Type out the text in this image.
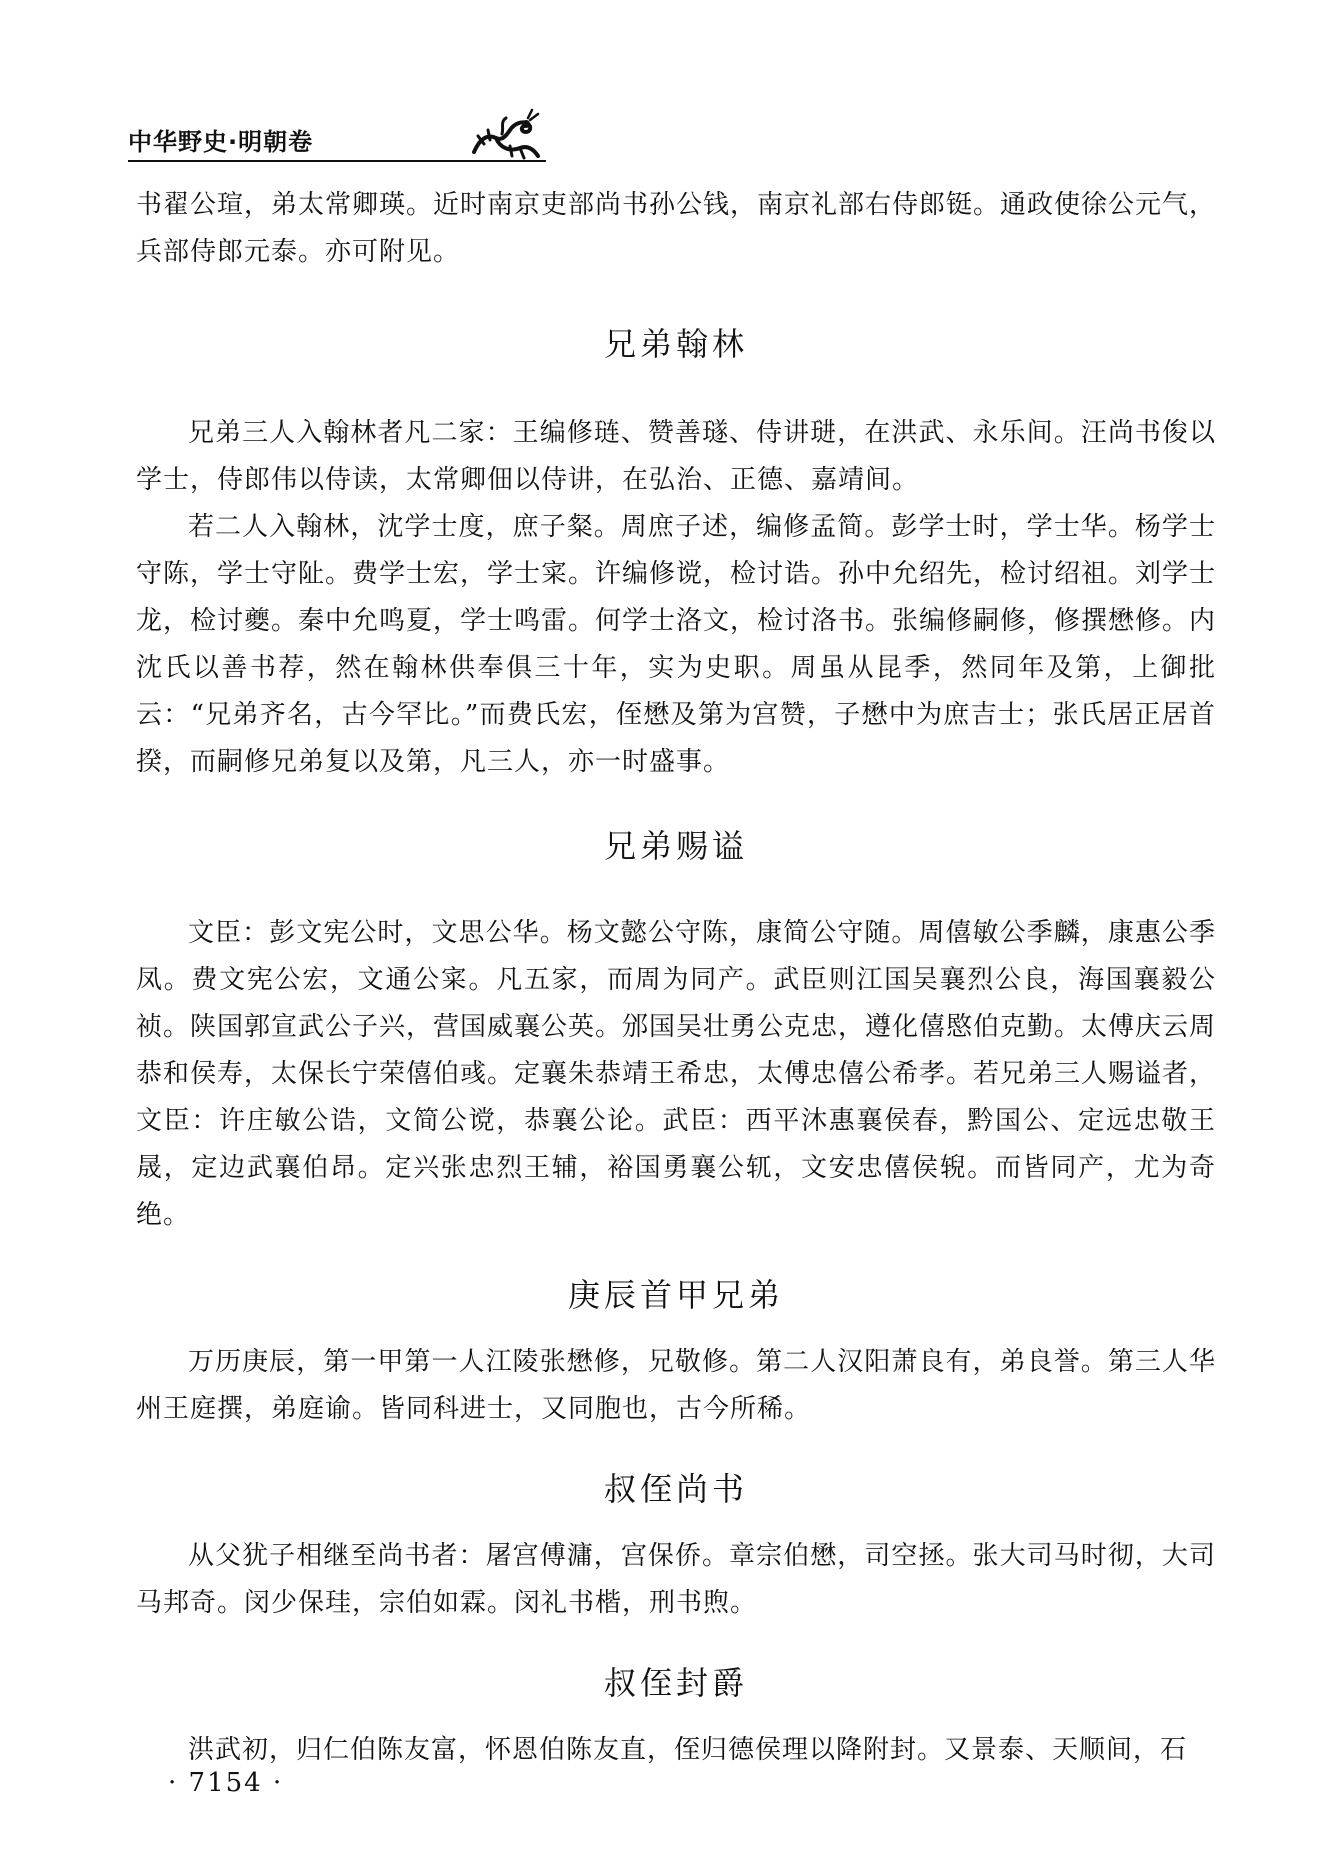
中华野史·明朝卷

书翟公瑄，弟太常卿瑛。近时南京吏部尚书孙公钱，南京礼部右侍郎铤。通政使徐公元气，兵部侍郎元泰。亦可附见。

兄弟翰林

兄弟三人入翰林者凡二家：王编修琏、赞善璲、侍讲琎，在洪武、永乐间。汪尚书俊以学士，侍郎伟以侍读，太常卿佃以侍讲，在弘治、正德、嘉靖间。

若二人入翰林，沈学士度，庶子粲。周庶子述，编修孟简。彭学士时，学士华。杨学士守陈，学士守阯。费学士宏，学士寀。许编修谠，检讨诰。孙中允绍先，检讨绍祖。刘学士龙，检讨夔。秦中允鸣夏，学士鸣雷。何学士洛文，检讨洛书。张编修嗣修，修撰懋修。内沈氏以善书荐，然在翰林供奉俱三十年，实为史职。周虽从昆季，然同年及第，上御批云：“兄弟齐名，古今罕比。”而费氏宏，侄懋及第为宫赞，子懋中为庶吉士；张氏居正居首揆，而嗣修兄弟复以及第，凡三人，亦一时盛事。

兄弟赐谥

文臣：彭文宪公时，文思公华。杨文懿公守陈，康简公守随。周僖敏公季麟，康惠公季凤。费文宪公宏，文通公寀。凡五家，而周为同产。武臣则江国吴襄烈公良，海国襄毅公祯。陕国郭宣武公子兴，营国威襄公英。邠国吴壮勇公克忠，遵化僖愍伯克勤。太傅庆云周恭和侯寿，太保长宁荣僖伯彧。定襄朱恭靖王希忠，太傅忠僖公希孝。若兄弟三人赐谥者，文臣：许庄敏公诰，文简公谠，恭襄公论。武臣：西平沐惠襄侯春，黔国公、定远忠敬王晟，定边武襄伯昂。定兴张忠烈王辅，裕国勇襄公𫐄，文安忠僖侯𫐐。而皆同产，尤为奇绝。

庚辰首甲兄弟

万历庚辰，第一甲第一人江陵张懋修，兄敬修。第二人汉阳萧良有，弟良誉。第三人华州王庭撰，弟庭谕。皆同科进士，又同胞也，古今所稀。

叔侄尚书

从父犹子相继至尚书者：屠宫傅滽，宫保侨。章宗伯懋，司空拯。张大司马时彻，大司马邦奇。闵少保珪，宗伯如霖。闵礼书楷，刑书煦。

叔侄封爵

洪武初，归仁伯陈友富，怀恩伯陈友直，侄归德侯理以降附封。又景泰、天顺间，石

· 7154 ·
